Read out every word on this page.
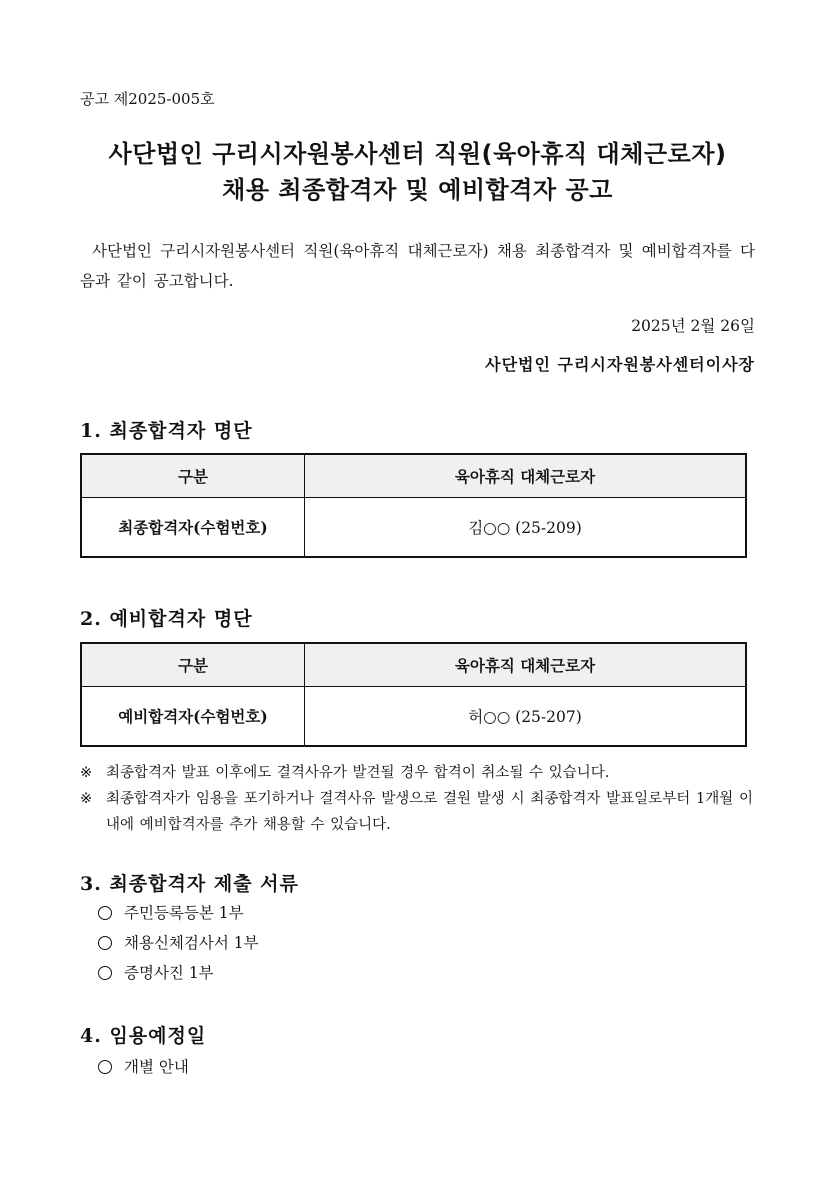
공고 제2025-005호
사단법인 구리시자원봉사센터 직원(육아휴직 대체근로자)
채용 최종합격자 및 예비합격자 공고
사단법인 구리시자원봉사센터 직원(육아휴직 대체근로자) 채용 최종합격자 및 예비합격자를 다음과 같이 공고합니다.
2025년 2월 26일
사단법인 구리시자원봉사센터이사장
1. 최종합격자 명단
구분	육아휴직 대체근로자
최종합격자(수험번호)	김○○ (25-209)
2. 예비합격자 명단
구분	육아휴직 대체근로자
예비합격자(수험번호)	허○○ (25-207)
※ 최종합격자 발표 이후에도 결격사유가 발견될 경우 합격이 취소될 수 있습니다.
※ 최종합격자가 임용을 포기하거나 결격사유 발생으로 결원 발생 시 최종합격자 발표일로부터 1개월 이내에 예비합격자를 추가 채용할 수 있습니다.
3. 최종합격자 제출 서류
주민등록등본 1부
채용신체검사서 1부
증명사진 1부
4. 임용예정일
개별 안내
